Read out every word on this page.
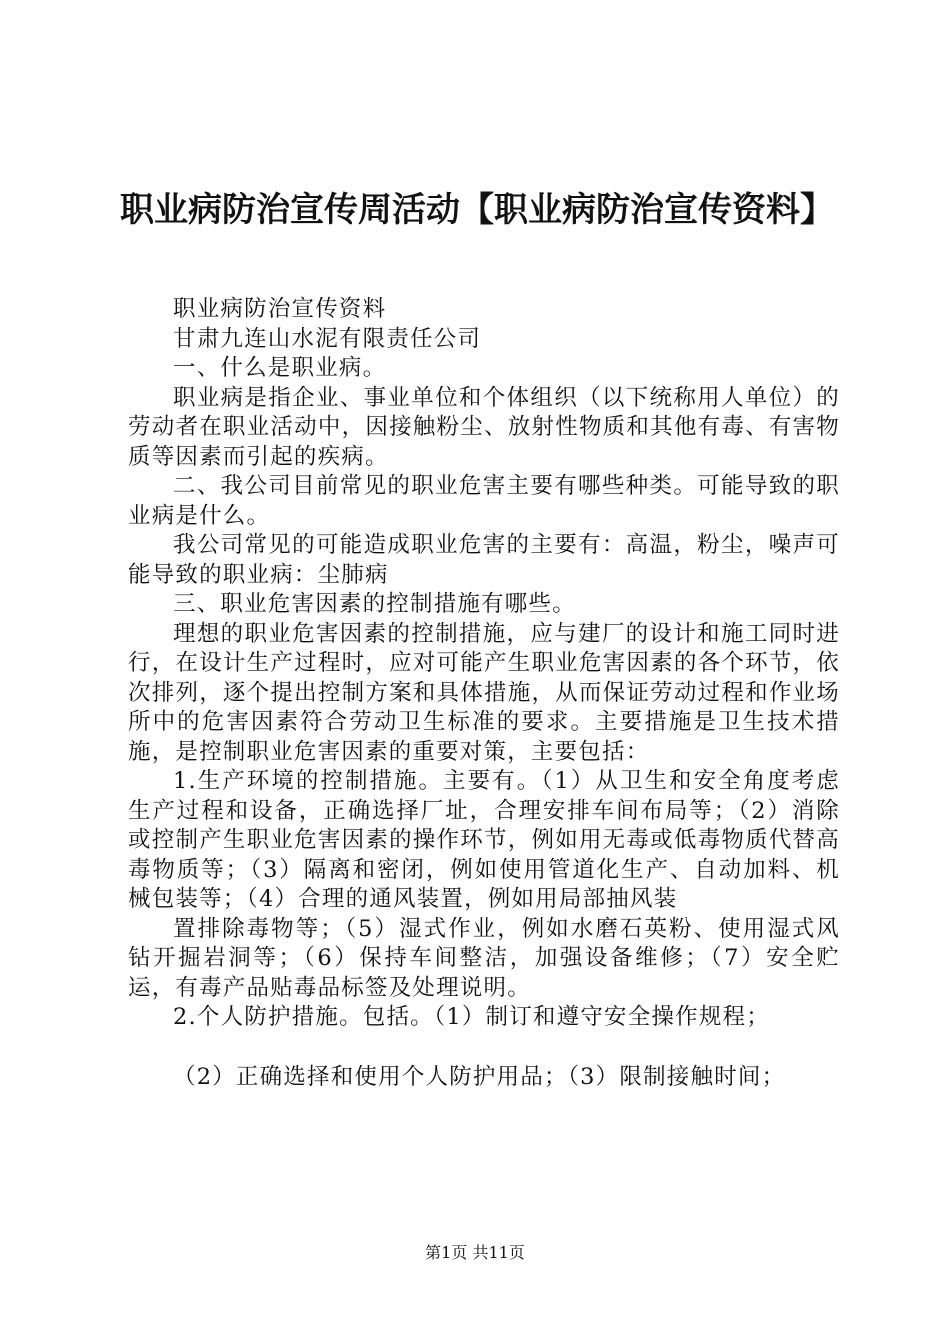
职业病防治宣传周活动【职业病防治宣传资料】

职业病防治宣传资料

甘肃九连山水泥有限责任公司

一、什么是职业病。

职业病是指企业、事业单位和个体组织（以下统称用人单位）的劳动者在职业活动中，因接触粉尘、放射性物质和其他有毒、有害物质等因素而引起的疾病。

二、我公司目前常见的职业危害主要有哪些种类。可能导致的职业病是什么。

我公司常见的可能造成职业危害的主要有：高温，粉尘，噪声可能导致的职业病：尘肺病

三、职业危害因素的控制措施有哪些。

理想的职业危害因素的控制措施，应与建厂的设计和施工同时进行，在设计生产过程时，应对可能产生职业危害因素的各个环节，依次排列，逐个提出控制方案和具体措施，从而保证劳动过程和作业场所中的危害因素符合劳动卫生标准的要求。主要措施是卫生技术措施，是控制职业危害因素的重要对策，主要包括：

1.生产环境的控制措施。主要有。（1）从卫生和安全角度考虑生产过程和设备，正确选择厂址，合理安排车间布局等；（2）消除或控制产生职业危害因素的操作环节，例如用无毒或低毒物质代替高毒物质等；（3）隔离和密闭，例如使用管道化生产、自动加料、机械包装等；（4）合理的通风装置，例如用局部抽风装

置排除毒物等；（5）湿式作业，例如水磨石英粉、使用湿式风钻开掘岩洞等；（6）保持车间整洁，加强设备维修；（7）安全贮运，有毒产品贴毒品标签及处理说明。

2.个人防护措施。包括。（1）制订和遵守安全操作规程；

（2）正确选择和使用个人防护用品；（3）限制接触时间；

第1页 共11页
